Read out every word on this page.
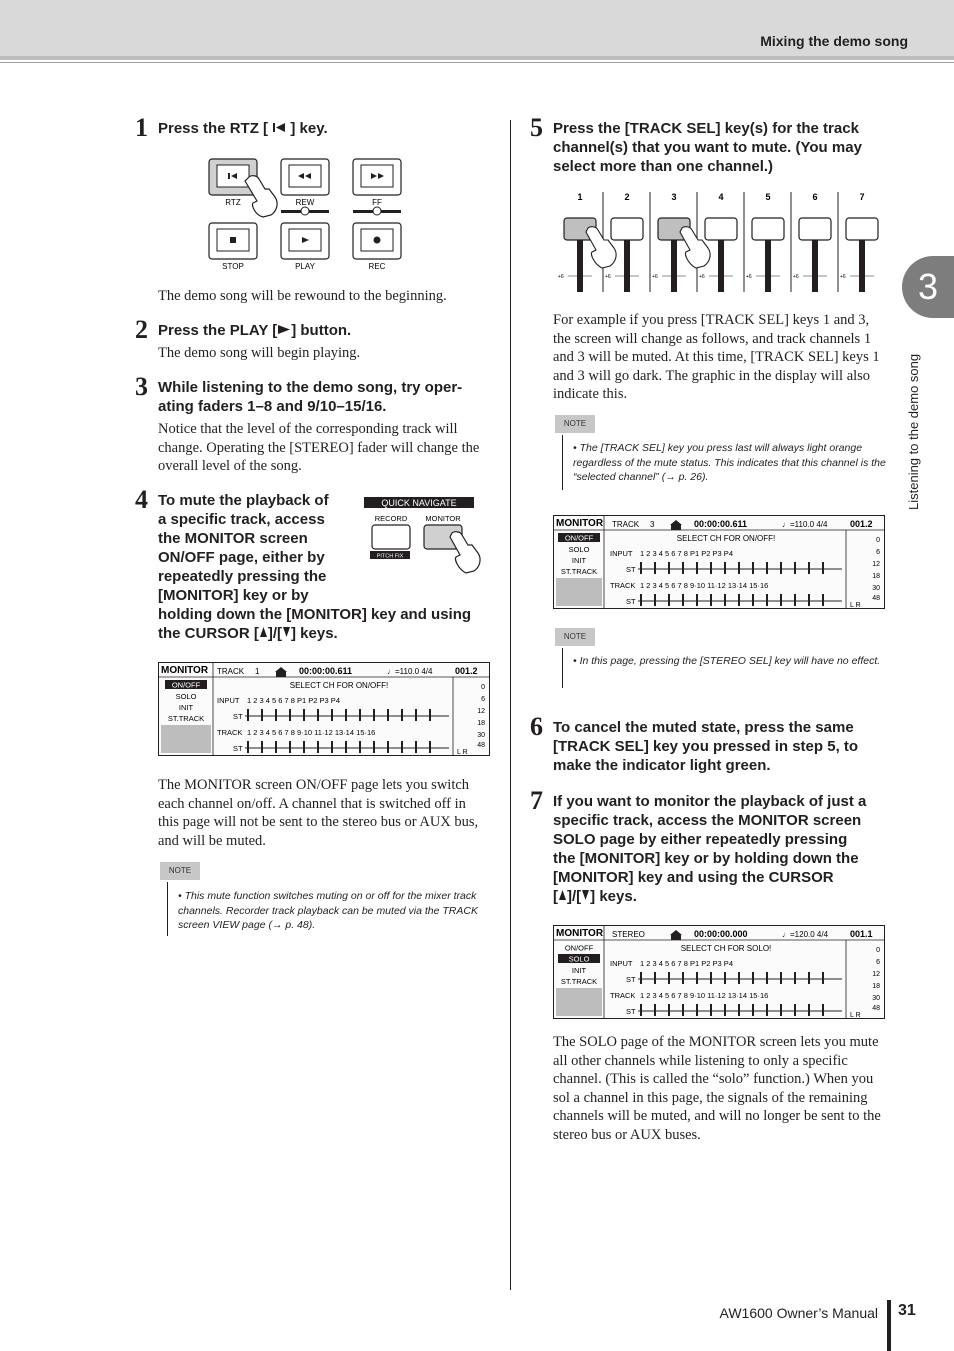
Mixing the demo song
3
Listening to the demo song
1 Press the RTZ [ ] key.
RTZ	REW	FF
STOP	PLAY	REC
The demo song will be rewound to the beginning.
2 Press the PLAY [ ] button.
The demo song will begin playing.
3 While listening to the demo song, try oper-
ating faders 1–8 and 9/10–15/16.
Notice that the level of the corresponding track will change. Operating the [STEREO] fader will change the overall level of the song.
4 To mute the playback of
a specific track, access
the MONITOR screen
ON/OFF page, either by
repeatedly pressing the
[MONITOR] key or by
holding down the [MONITOR] key and using
the CURSOR [ ]/[ ] keys.
QUICK NAVIGATE
RECORD MONITOR
PITCH FIX
MONITOR TRACK 1	00:00:00.611	♩=110.0 4/4	001.2
ON/OFF
SOLO
INIT
ST.TRACK
SELECT CH FOR ON/OFF!
INPUT 1 2 3 4 5 6 7 8 P1 P2 P3 P4
ST
TRACK 1 2 3 4 5 6 7 8 9·10 11·12 13·14 15·16
ST
0
6
12
18
30
48
L R
The MONITOR screen ON/OFF page lets you switch each channel on/off. A channel that is switched off in this page will not be sent to the stereo bus or AUX bus, and will be muted.
NOTE
• This mute function switches muting on or off for the mixer track channels. Recorder track playback can be muted via the TRACK screen VIEW page (→ p. 48).
5 Press the [TRACK SEL] key(s) for the track
channel(s) that you want to mute. (You may
select more than one channel.)
1	2	3	4	5	6	7
+6	+6	+6	+6	+6	+6	+6
For example if you press [TRACK SEL] keys 1 and 3, the screen will change as follows, and track channels 1 and 3 will be muted. At this time, [TRACK SEL] keys 1 and 3 will go dark. The graphic in the display will also indicate this.
NOTE
• The [TRACK SEL] key you press last will always light orange regardless of the mute status. This indicates that this channel is the “selected channel” (→ p. 26).
MONITOR TRACK 3	00:00:00.611	♩=110.0 4/4	001.2
ON/OFF
SOLO
INIT
ST.TRACK
SELECT CH FOR ON/OFF!
INPUT 1 2 3 4 5 6 7 8 P1 P2 P3 P4
ST
TRACK 1 2 3 4 5 6 7 8 9·10 11·12 13·14 15·16
ST
0
6
12
18
30
48
L R
NOTE
• In this page, pressing the [STEREO SEL] key will have no effect.
6 To cancel the muted state, press the same
[TRACK SEL] key you pressed in step 5, to
make the indicator light green.
7 If you want to monitor the playback of just a
specific track, access the MONITOR screen
SOLO page by either repeatedly pressing
the [MONITOR] key or by holding down the
[MONITOR] key and using the CURSOR
[ ]/[ ] keys.
MONITOR STEREO	00:00:00.000	♩=120.0 4/4 001.1
ON/OFF
SOLO
INIT
ST.TRACK
SELECT CH FOR SOLO!
INPUT 1 2 3 4 5 6 7 8 P1 P2 P3 P4
ST
TRACK 1 2 3 4 5 6 7 8 9·10 11·12 13·14 15·16
ST
0
6
12
18
30
48
L R
The SOLO page of the MONITOR screen lets you mute all other channels while listening to only a specific channel. (This is called the “solo” function.) When you sol a channel in this page, the signals of the remaining channels will be muted, and will no longer be sent to the stereo bus or AUX buses.
AW1600 Owner’s Manual 31
